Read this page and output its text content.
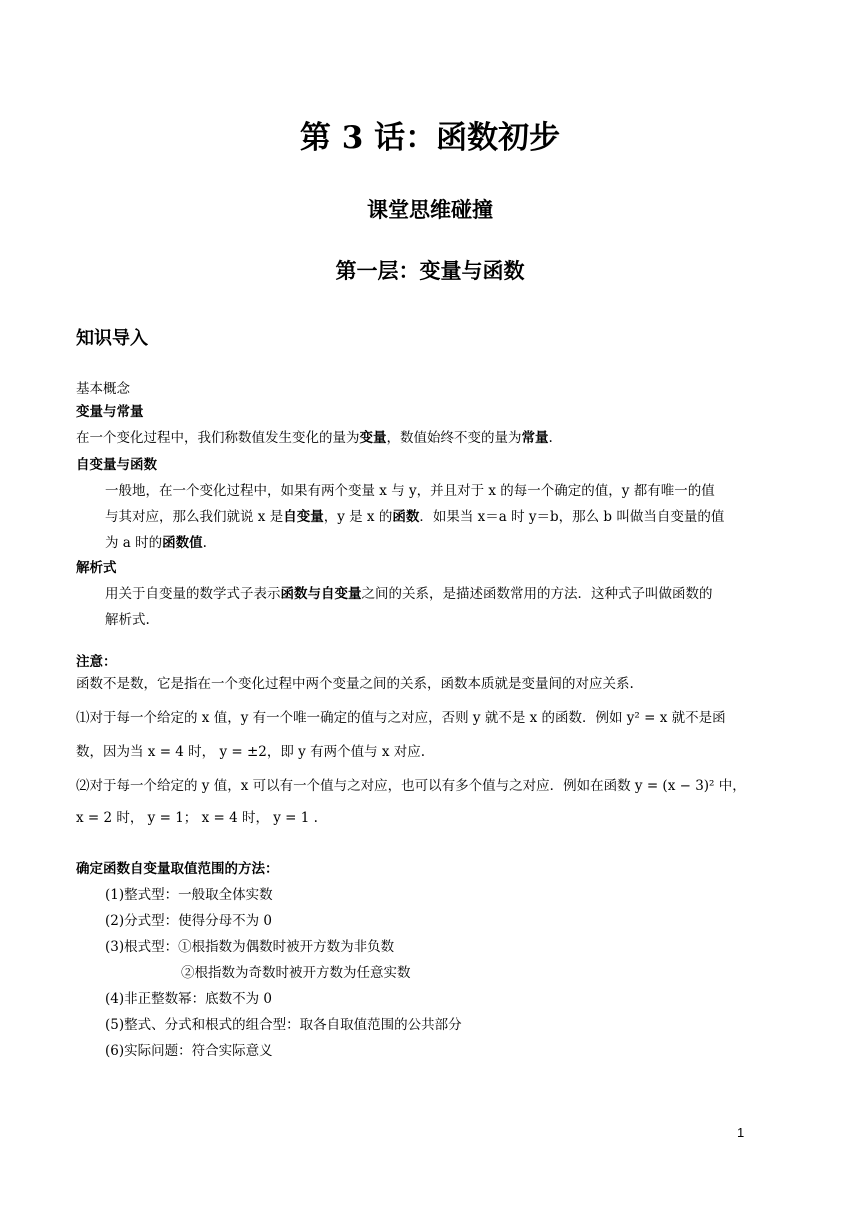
第 3 话：函数初步
课堂思维碰撞
第一层：变量与函数
知识导入
基本概念
变量与常量
在一个变化过程中，我们称数值发生变化的量为变量，数值始终不变的量为常量.
自变量与函数
一般地，在一个变化过程中，如果有两个变量 x 与 y，并且对于 x 的每一个确定的值，y 都有唯一的值
与其对应，那么我们就说 x 是自变量，y 是 x 的函数．如果当 x＝a 时 y＝b，那么 b 叫做当自变量的值
为 a 时的函数值.
解析式
用关于自变量的数学式子表示函数与自变量之间的关系，是描述函数常用的方法．这种式子叫做函数的
解析式.
注意：
函数不是数，它是指在一个变化过程中两个变量之间的关系，函数本质就是变量间的对应关系.
⑴对于每一个给定的 x 值，y 有一个唯一确定的值与之对应，否则 y 就不是 x 的函数．例如 y² = x 就不是函
数，因为当 x = 4 时， y = ±2，即 y 有两个值与 x 对应.
⑵对于每一个给定的 y 值，x 可以有一个值与之对应，也可以有多个值与之对应．例如在函数 y = (x − 3)² 中，
x = 2 时， y = 1； x = 4 时， y = 1 .
确定函数自变量取值范围的方法：
(1)整式型：一般取全体实数
(2)分式型：使得分母不为 0
(3)根式型：①根指数为偶数时被开方数为非负数
②根指数为奇数时被开方数为任意实数
(4)非正整数幂：底数不为 0
(5)整式、分式和根式的组合型：取各自取值范围的公共部分
(6)实际问题：符合实际意义
1
